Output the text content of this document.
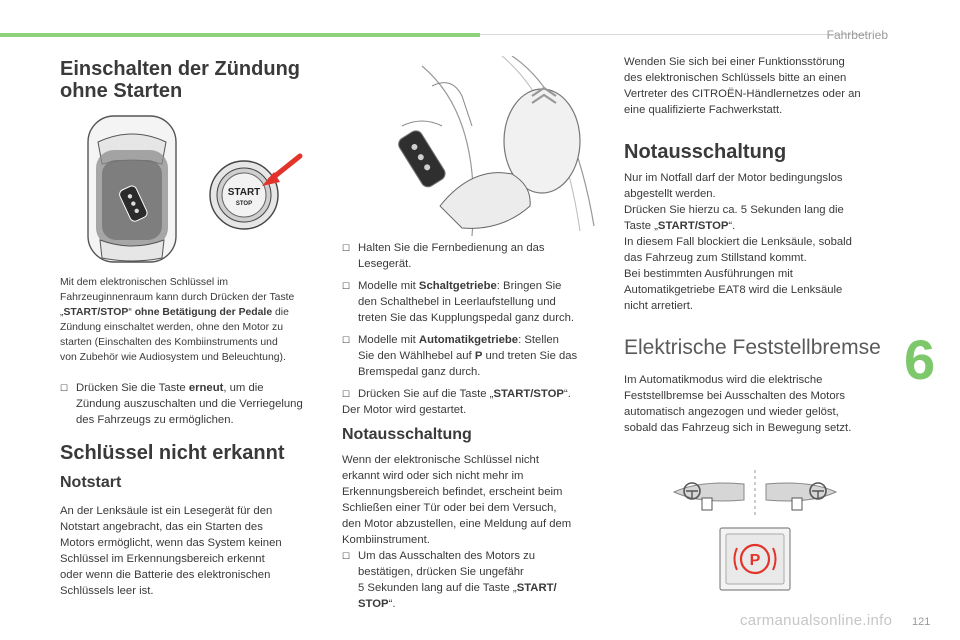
Fahrbetrieb
Einschalten der Zündung
ohne Starten
START
STOP
Mit dem elektronischen Schlüssel im
Fahrzeuginnenraum kann durch Drücken der Taste
„START/STOP“ ohne Betätigung der Pedale die
Zündung einschaltet werden, ohne den Motor zu
starten (Einschalten des Kombiinstruments und
von Zubehör wie Audiosystem und Beleuchtung).
☐ Drücken Sie die Taste erneut, um die
Zündung auszuschalten und die Verriegelung
des Fahrzeugs zu ermöglichen.
Schlüssel nicht erkannt
Notstart
An der Lenksäule ist ein Lesegerät für den
Notstart angebracht, das ein Starten des
Motors ermöglicht, wenn das System keinen
Schlüssel im Erkennungsbereich erkennt
oder wenn die Batterie des elektronischen
Schlüssels leer ist.
☐ Halten Sie die Fernbedienung an das
Lesegerät.
☐ Modelle mit Schaltgetriebe: Bringen Sie
den Schalthebel in Leerlaufstellung und
treten Sie das Kupplungspedal ganz durch.
☐ Modelle mit Automatikgetriebe: Stellen
Sie den Wählhebel auf P und treten Sie das
Bremspedal ganz durch.
☐ Drücken Sie auf die Taste „START/STOP“.
Der Motor wird gestartet.
Notausschaltung
Wenn der elektronische Schlüssel nicht
erkannt wird oder sich nicht mehr im
Erkennungsbereich befindet, erscheint beim
Schließen einer Tür oder bei dem Versuch,
den Motor abzustellen, eine Meldung auf dem
Kombiinstrument.
☐ Um das Ausschalten des Motors zu
bestätigen, drücken Sie ungefähr
5 Sekunden lang auf die Taste „START/
STOP“.
Wenden Sie sich bei einer Funktionsstörung
des elektronischen Schlüssels bitte an einen
Vertreter des CITROËN-Händlernetzes oder an
eine qualifizierte Fachwerkstatt.
Notausschaltung
Nur im Notfall darf der Motor bedingungslos
abgestellt werden.
Drücken Sie hierzu ca. 5 Sekunden lang die
Taste „START/STOP“.
In diesem Fall blockiert die Lenksäule, sobald
das Fahrzeug zum Stillstand kommt.
Bei bestimmten Ausführungen mit
Automatikgetriebe EAT8 wird die Lenksäule
nicht arretiert.
Elektrische Feststellbremse
Im Automatikmodus wird die elektrische
Feststellbremse bei Ausschalten des Motors
automatisch angezogen und wieder gelöst,
sobald das Fahrzeug sich in Bewegung setzt.
P
6
carmanualsonline.info 121
